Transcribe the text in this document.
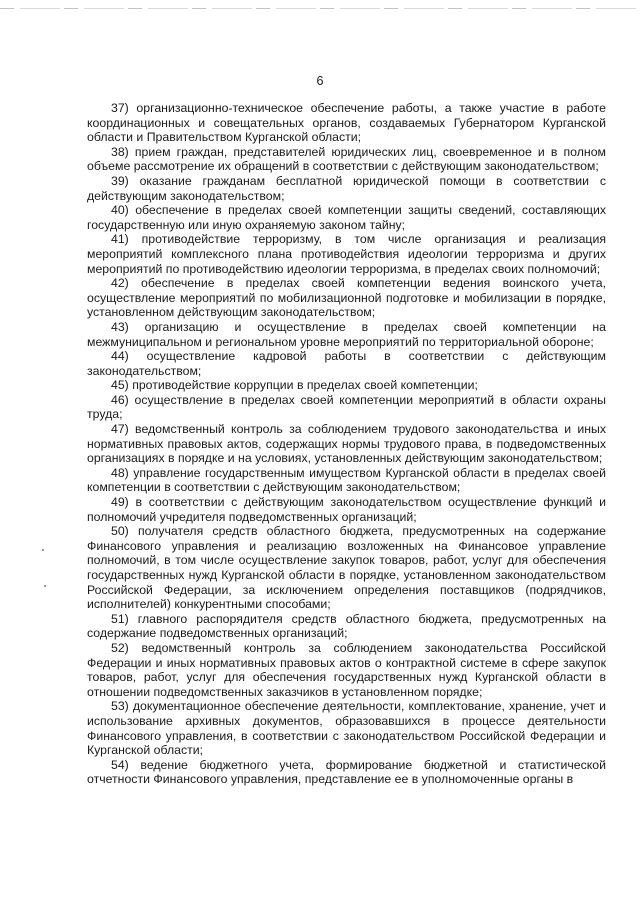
6

37) организационно-техническое обеспечение работы, а также участие в работе координационных и совещательных органов, создаваемых Губернатором Курганской области и Правительством Курганской области;

38) прием граждан, представителей юридических лиц, своевременное и в полном объеме рассмотрение их обращений в соответствии с действующим законодательством;

39) оказание гражданам бесплатной юридической помощи в соответствии с действующим законодательством;

40) обеспечение в пределах своей компетенции защиты сведений, составляющих государственную или иную охраняемую законом тайну;

41) противодействие терроризму, в том числе организация и реализация мероприятий комплексного плана противодействия идеологии терроризма и других мероприятий по противодействию идеологии терроризма, в пределах своих полномочий;

42) обеспечение в пределах своей компетенции ведения воинского учета, осуществление мероприятий по мобилизационной подготовке и мобилизации в порядке, установленном действующим законодательством;

43) организацию и осуществление в пределах своей компетенции на межмуниципальном и региональном уровне мероприятий по территориальной обороне;

44) осуществление кадровой работы в соответствии с действующим законодательством;

45) противодействие коррупции в пределах своей компетенции;

46) осуществление в пределах своей компетенции мероприятий в области охраны труда;

47) ведомственный контроль за соблюдением трудового законодательства и иных нормативных правовых актов, содержащих нормы трудового права, в подведомственных организациях в порядке и на условиях, установленных действующим законодательством;

48) управление государственным имуществом Курганской области в пределах своей компетенции в соответствии с действующим законодательством;

49) в соответствии с действующим законодательством осуществление функций и полномочий учредителя подведомственных организаций;

50) получателя средств областного бюджета, предусмотренных на содержание Финансового управления и реализацию возложенных на Финансовое управление полномочий, в том числе осуществление закупок товаров, работ, услуг для обеспечения государственных нужд Курганской области в порядке, установленном законодательством Российской Федерации, за исключением определения поставщиков (подрядчиков, исполнителей) конкурентными способами;

51) главного распорядителя средств областного бюджета, предусмотренных на содержание подведомственных организаций;

52) ведомственный контроль за соблюдением законодательства Российской Федерации и иных нормативных правовых актов о контрактной системе в сфере закупок товаров, работ, услуг для обеспечения государственных нужд Курганской области в отношении подведомственных заказчиков в установленном порядке;

53) документационное обеспечение деятельности, комплектование, хранение, учет и использование архивных документов, образовавшихся в процессе деятельности Финансового управления, в соответствии с законодательством Российской Федерации и Курганской области;

54) ведение бюджетного учета, формирование бюджетной и статистической отчетности Финансового управления, представление ее в уполномоченные органы в
